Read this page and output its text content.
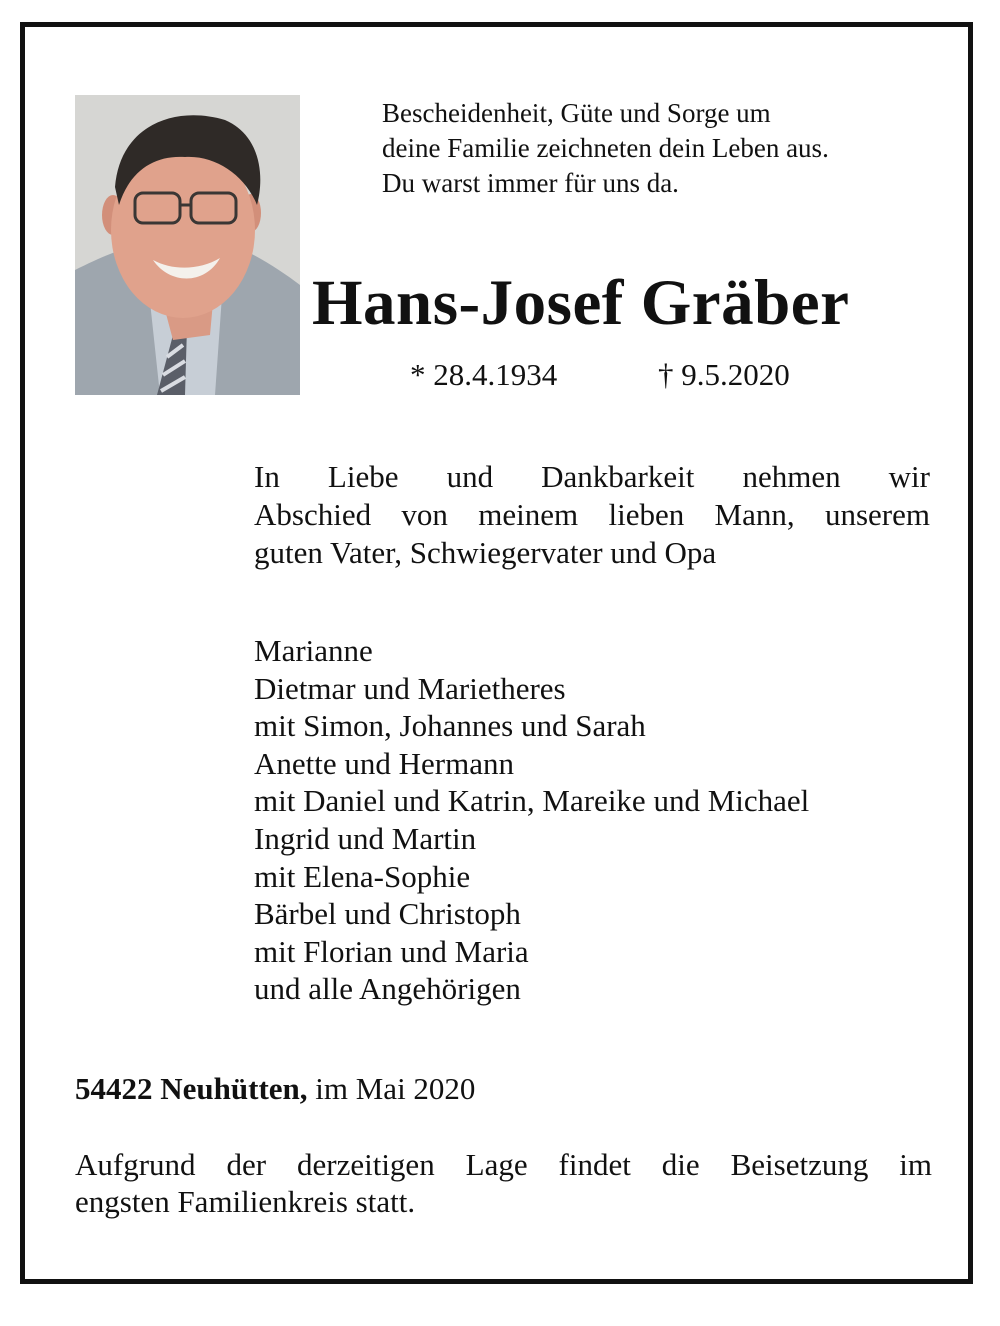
Bescheidenheit, Güte und Sorge um
deine Familie zeichneten dein Leben aus.
Du warst immer für uns da.
Hans-Josef Gräber
* 28.4.1934	† 9.5.2020
In Liebe und Dankbarkeit nehmen wir
Abschied von meinem lieben Mann, unserem
guten Vater, Schwiegervater und Opa
Marianne
Dietmar und Marietheres
mit Simon, Johannes und Sarah
Anette und Hermann
mit Daniel und Katrin, Mareike und Michael
Ingrid und Martin
mit Elena-Sophie
Bärbel und Christoph
mit Florian und Maria
und alle Angehörigen
54422 Neuhütten, im Mai 2020
Aufgrund der derzeitigen Lage findet die Beisetzung im
engsten Familienkreis statt.
